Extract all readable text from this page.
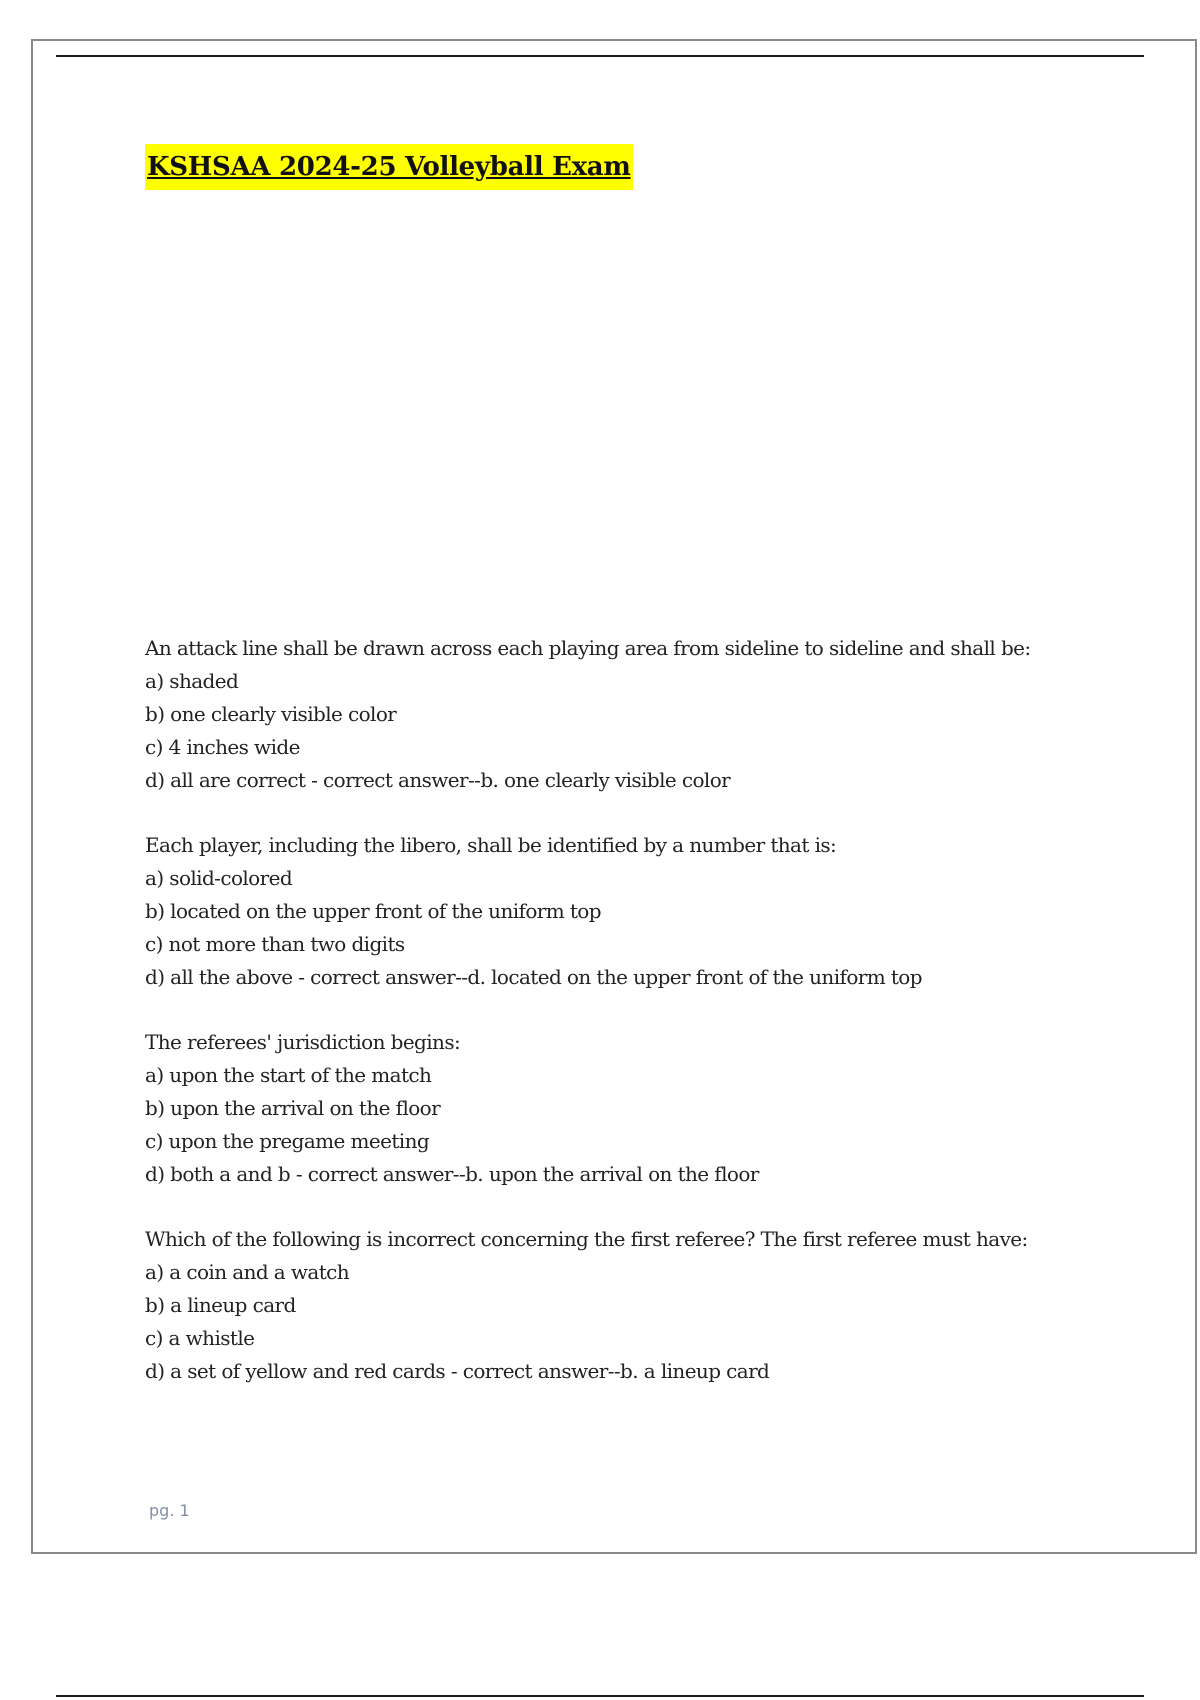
KSHSAA 2024-25 Volleyball Exam
An attack line shall be drawn across each playing area from sideline to sideline and shall be:
a) shaded
b) one clearly visible color
c) 4 inches wide
d) all are correct - correct answer--b. one clearly visible color
Each player, including the libero, shall be identified by a number that is:
a) solid-colored
b) located on the upper front of the uniform top
c) not more than two digits
d) all the above - correct answer--d. located on the upper front of the uniform top
The referees' jurisdiction begins:
a) upon the start of the match
b) upon the arrival on the floor
c) upon the pregame meeting
d) both a and b - correct answer--b. upon the arrival on the floor
Which of the following is incorrect concerning the first referee? The first referee must have:
a) a coin and a watch
b) a lineup card
c) a whistle
d) a set of yellow and red cards - correct answer--b. a lineup card
pg. 1
